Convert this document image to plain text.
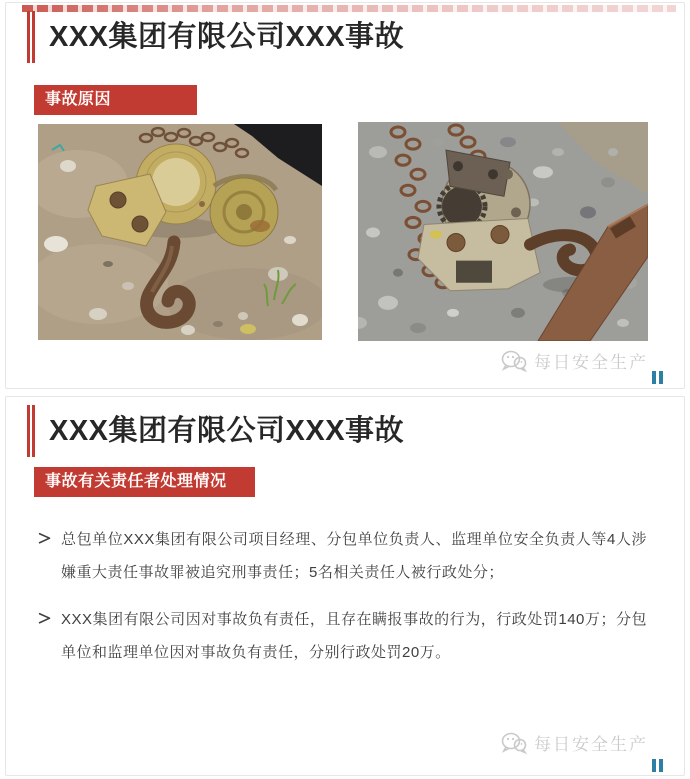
XXX集团有限公司XXX事故
事故原因
每日安全生产
XXX集团有限公司XXX事故
事故有关责任者处理情况

总包单位XXX集团有限公司项目经理、分包单位负责人、监理单位安全负责人等4人涉嫌重大责任事故罪被追究刑事责任；5名相关责任人被行政处分；

XXX集团有限公司因对事故负有责任，且存在瞒报事故的行为，行政处罚140万；分包单位和监理单位因对事故负有责任，分别行政处罚20万。

每日安全生产
